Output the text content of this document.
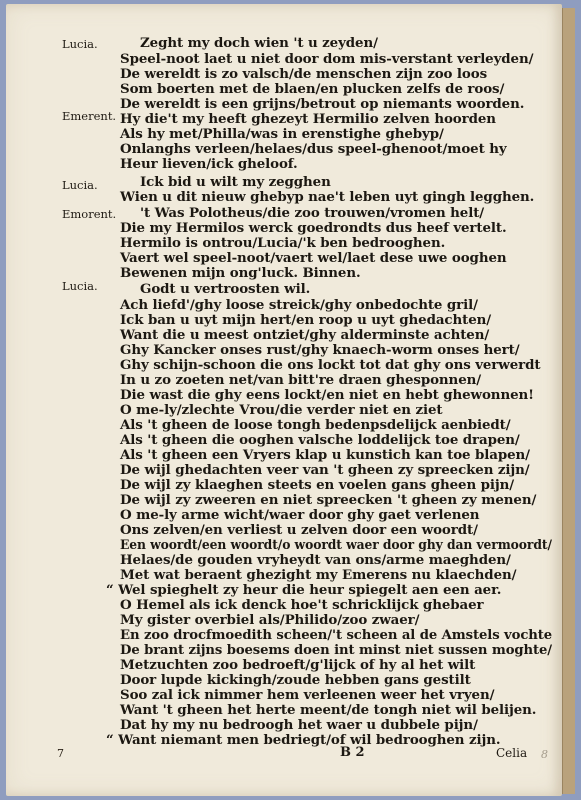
Lucia.
Emerent.
Lucia.
Emorent.
Lucia.
Zeght my doch wien 't u zeyden/
Speel-noot laet u niet door dom mis-verstant verleyden/
De wereldt is zo valsch/de menschen zijn zoo loos
Som boerten met de blaen/en plucken zelfs de roos/
De wereldt is een grijns/betrout op niemants woorden.
Hy die't my heeft ghezeyt Hermilio zelven hoorden
Als hy met/Philla/was in erenstighe ghebyp/
Onlanghs verleen/helaes/dus speel-ghenoot/moet hy
Heur lieven/ick gheloof.
Ick bid u wilt my zegghen
Wien u dit nieuw ghebyp nae't leben uyt gingh legghen.
't Was Polotheus/die zoo trouwen/vromen helt/
Die my Hermilos werck goedrondts dus heef vertelt.
Hermilo is ontrou/Lucia/'k ben bedrooghen.
Vaert wel speel-noot/vaert wel/laet dese uwe ooghen
Bewenen mijn ong'luck. Binnen.
Godt u vertroosten wil.
Ach liefd'/ghy loose streick/ghy onbedochte gril/
Ick ban u uyt mijn hert/en roop u uyt ghedachten/
Want die u meest ontziet/ghy alderminste achten/
Ghy Kancker onses rust/ghy knaech-worm onses hert/
Ghy schijn-schoon die ons lockt tot dat ghy ons verwerdt
In u zo zoeten net/van bitt're draen ghesponnen/
Die wast die ghy eens lockt/en niet en hebt ghewonnen!
O me-ly/zlechte Vrou/die verder niet en ziet
Als 't gheen de loose tongh bedenpsdelijck aenbiedt/
Als 't gheen die ooghen valsche loddelijck toe drapen/
Als 't gheen een Vryers klap u kunstich kan toe blapen/
De wijl ghedachten veer van 't gheen zy spreecken zijn/
De wijl zy klaeghen steets en voelen gans gheen pijn/
De wijl zy zweeren en niet spreecken 't gheen zy menen/
O me-ly arme wicht/waer door ghy gaet verlenen
Ons zelven/en verliest u zelven door een woordt/
Een woordt/een woordt/o woordt waer door ghy dan vermoordt/
Helaes/de gouden vryheydt van ons/arme maeghden/
Met wat beraent ghezight my Emerens nu klaechden/
“ Wel spieghelt zy heur die heur spiegelt aen een aer.
O Hemel als ick denck hoe't schricklijck ghebaer
My gister overbiel als/Philido/zoo zwaer/
En zoo drocfmoedith scheen/'t scheen al de Amstels vochte
De brant zijns boesems doen int minst niet sussen moghte/
Metzuchten zoo bedroeft/g'lijck of hy al het wilt
Door lupde kickingh/zoude hebben gans gestilt
Soo zal ick nimmer hem verleenen weer het vryen/
Want 't gheen het herte meent/de tongh niet wil belijen.
Dat hy my nu bedroogh het waer u dubbele pijn/
“ Want niemant men bedriegt/of wil bedrooghen zijn.
7	B 2	Celia 8
